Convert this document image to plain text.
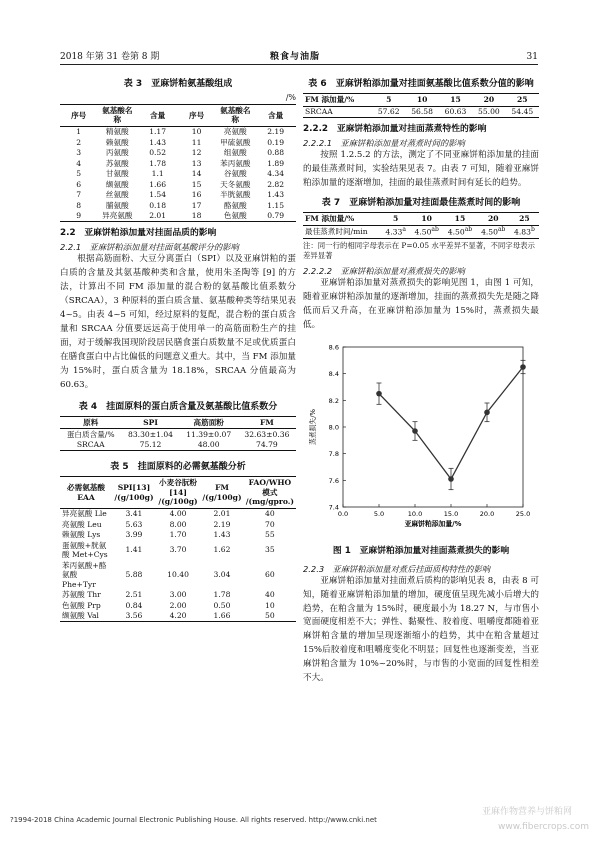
2018 年第 31 卷第 8 期	粮食与油脂	31
表 3　亚麻饼粕氨基酸组成
/%
序号	氨基酸名称	含量	序号	氨基酸名称	含量
1	精氨酸	1.17	10	亮氨酸	2.19
2	赖氨酸	1.43	11	甲硫氨酸	0.19
3	丙氨酸	0.52	12	组氨酸	0.88
4	苏氨酸	1.78	13	苯丙氨酸	1.89
5	甘氨酸	1.1	14	谷氨酸	4.34
6	缬氨酸	1.66	15	天冬氨酸	2.82
7	丝氨酸	1.54	16	半胱氨酸	1.43
8	脯氨酸	0.18	17	酪氨酸	1.15
9	异亮氨酸	2.01	18	色氨酸	0.79
2.2　亚麻饼粕添加量对挂面品质的影响
2.2.1　亚麻饼粕添加量对挂面氨基酸评分的影响

根据高筋面粉、大豆分离蛋白（SPI）以及亚麻饼粕的蛋白质的含量及其氨基酸种类和含量，使用朱圣陶等 [9] 的方法，计算出不同 FM 添加量的混合粉的氨基酸比值系数分（SRCAA），3 种原料的蛋白质含量、氨基酸种类等结果见表 4~5。由表 4~5 可知，经过原料的复配，混合粉的蛋白质含量和 SRCAA 分值要远远高于使用单一的高筋面粉生产的挂面，对于缓解我国现阶段居民膳食蛋白质数量不足或优质蛋白在膳食蛋白中占比偏低的问题意义重大。其中，当 FM 添加量为 15%时，蛋白质含量为 18.18%，SRCAA 分值最高为 60.63。

表 4　挂面原料的蛋白质含量及氨基酸比值系数分
原料	SPI	高筋面粉	FM
蛋白质含量/%	83.30±1.04	11.39±0.07	32.63±0.36
SRCAA	75.12	48.00	74.79
表 5　挂面原料的必需氨基酸分析
必需氨基酸 EAA	SPI[13] /(g/100g)	小麦谷朊粉[14] /(g/100g)	FM /(g/100g)	FAO/WHO 模式 /(mg/gpro.)
异亮氨酸 Lle	3.41	4.00	2.01	40
亮氨酸 Leu	5.63	8.00	2.19	70
赖氨酸 Lys	3.99	1.70	1.43	55
蛋氨酸+胱氨酸 Met+Cys	1.41	3.70	1.62	35
苯丙氨酸+酪氨酸 Phe+Tyr	5.88	10.40	3.04	60
苏氨酸 Thr	2.51	3.00	1.78	40
色氨酸 Prp	0.84	2.00	0.50	10
缬氨酸 Val	3.56	4.20	1.66	50
表 6　亚麻饼粕添加量对挂面氨基酸比值系数分值的影响
FM 添加量/%	5	10	15	20	25
SRCAA	57.62	56.58	60.63	55.00	54.45
2.2.2　亚麻饼粕添加量对挂面蒸煮特性的影响
2.2.2.1　亚麻饼粕添加量对蒸煮时间的影响

按照 1.2.5.2 的方法，测定了不同亚麻饼粕添加量的挂面的最佳蒸煮时间，实验结果见表 7。由表 7 可知，随着亚麻饼粕添加量的逐渐增加，挂面的最佳蒸煮时间有延长的趋势。

表 7　亚麻饼粕添加量对挂面最佳蒸煮时间的影响
FM 添加量/%	5	10	15	20	25
最佳蒸煮时间/min	4.33$^a$	4.50$^{ab}$	4.50$^{ab}$	4.50$^{ab}$	4.83$^b$
注：同一行的相同字母表示在 P=0.05 水平差异不显著，不同字母表示差异显著
2.2.2.2　亚麻饼粕添加量对蒸煮损失的影响

亚麻饼粕添加量对蒸煮损失的影响见图 1，由图 1 可知，随着亚麻饼粕添加量的逐渐增加，挂面的蒸煮损失先是随之降低而后又升高，在亚麻饼粕添加量为 15%时，蒸煮损失最低。

7.4
7.6
7.8
8.0
8.2
8.4
8.6
0.0	5.0	10.0	15.0	20.0	25.0
亚麻饼粕添加量/%
蒸煮损失/%
图 1　亚麻饼粕添加量对挂面蒸煮损失的影响
2.2.3　亚麻饼粕添加量对煮后挂面质构特性的影响

亚麻饼粕添加量对挂面煮后质构的影响见表 8，由表 8 可知，随着亚麻饼粕添加量的增加，硬度值呈现先减小后增大的趋势，在粕含量为 15%时，硬度最小为 18.27 N，与市售小宽面硬度相差不大；弹性、黏聚性、胶着度、咀嚼度都随着亚麻饼粕含量的增加呈现逐渐缩小的趋势，其中在粕含量超过 15%后胶着度和咀嚼度变化不明显；回复性也逐渐变差，当亚麻饼粕含量为 10%~20%时，与市售的小宽面的回复性相差不大。

?1994-2018 China Academic Journal Electronic Publishing House. All rights reserved. http://www.cnki.net
亚麻作物营养与饼粕网
www.fibercrops.com
